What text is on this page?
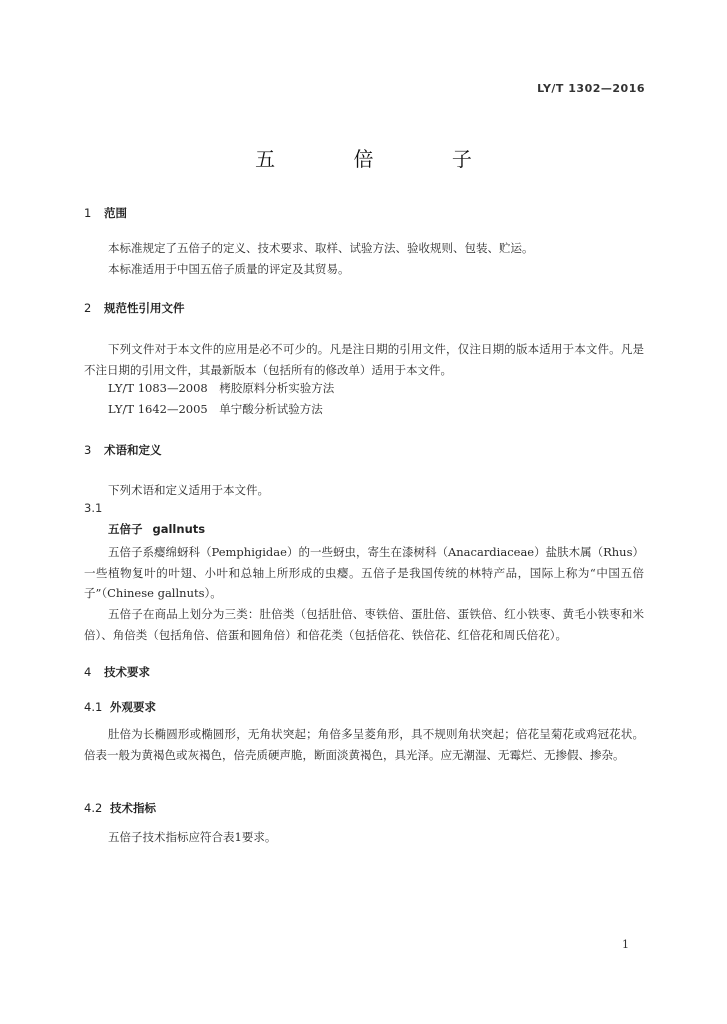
LY/T 1302—2016
五 倍 子
1 范围
本标准规定了五倍子的定义、技术要求、取样、试验方法、验收规则、包装、贮运。
本标准适用于中国五倍子质量的评定及其贸易。
2 规范性引用文件
下列文件对于本文件的应用是必不可少的。凡是注日期的引用文件，仅注日期的版本适用于本文件。凡是不注日期的引用文件，其最新版本（包括所有的修改单）适用于本文件。
LY/T 1083—2008　栲胶原料分析实验方法
LY/T 1642—2005　单宁酸分析试验方法
3 术语和定义
下列术语和定义适用于本文件。
3.1
五倍子 gallnuts
五倍子系瘿绵蚜科（Pemphigidae）的一些蚜虫，寄生在漆树科（Anacardiaceae）盐肤木属（Rhus）一些植物复叶的叶翅、小叶和总轴上所形成的虫瘿。五倍子是我国传统的林特产品，国际上称为“中国五倍子”（Chinese gallnuts）。
五倍子在商品上划分为三类：肚倍类（包括肚倍、枣铁倍、蛋肚倍、蛋铁倍、红小铁枣、黄毛小铁枣和米倍）、角倍类（包括角倍、倍蛋和圆角倍）和倍花类（包括倍花、铁倍花、红倍花和周氏倍花）。
4 技术要求
4.1 外观要求
肚倍为长椭圆形或椭圆形，无角状突起；角倍多呈菱角形，具不规则角状突起；倍花呈菊花或鸡冠花状。倍表一般为黄褐色或灰褐色，倍壳质硬声脆，断面淡黄褐色，具光泽。应无潮湿、无霉烂、无掺假、掺杂。
4.2 技术指标
五倍子技术指标应符合表1要求。
1
